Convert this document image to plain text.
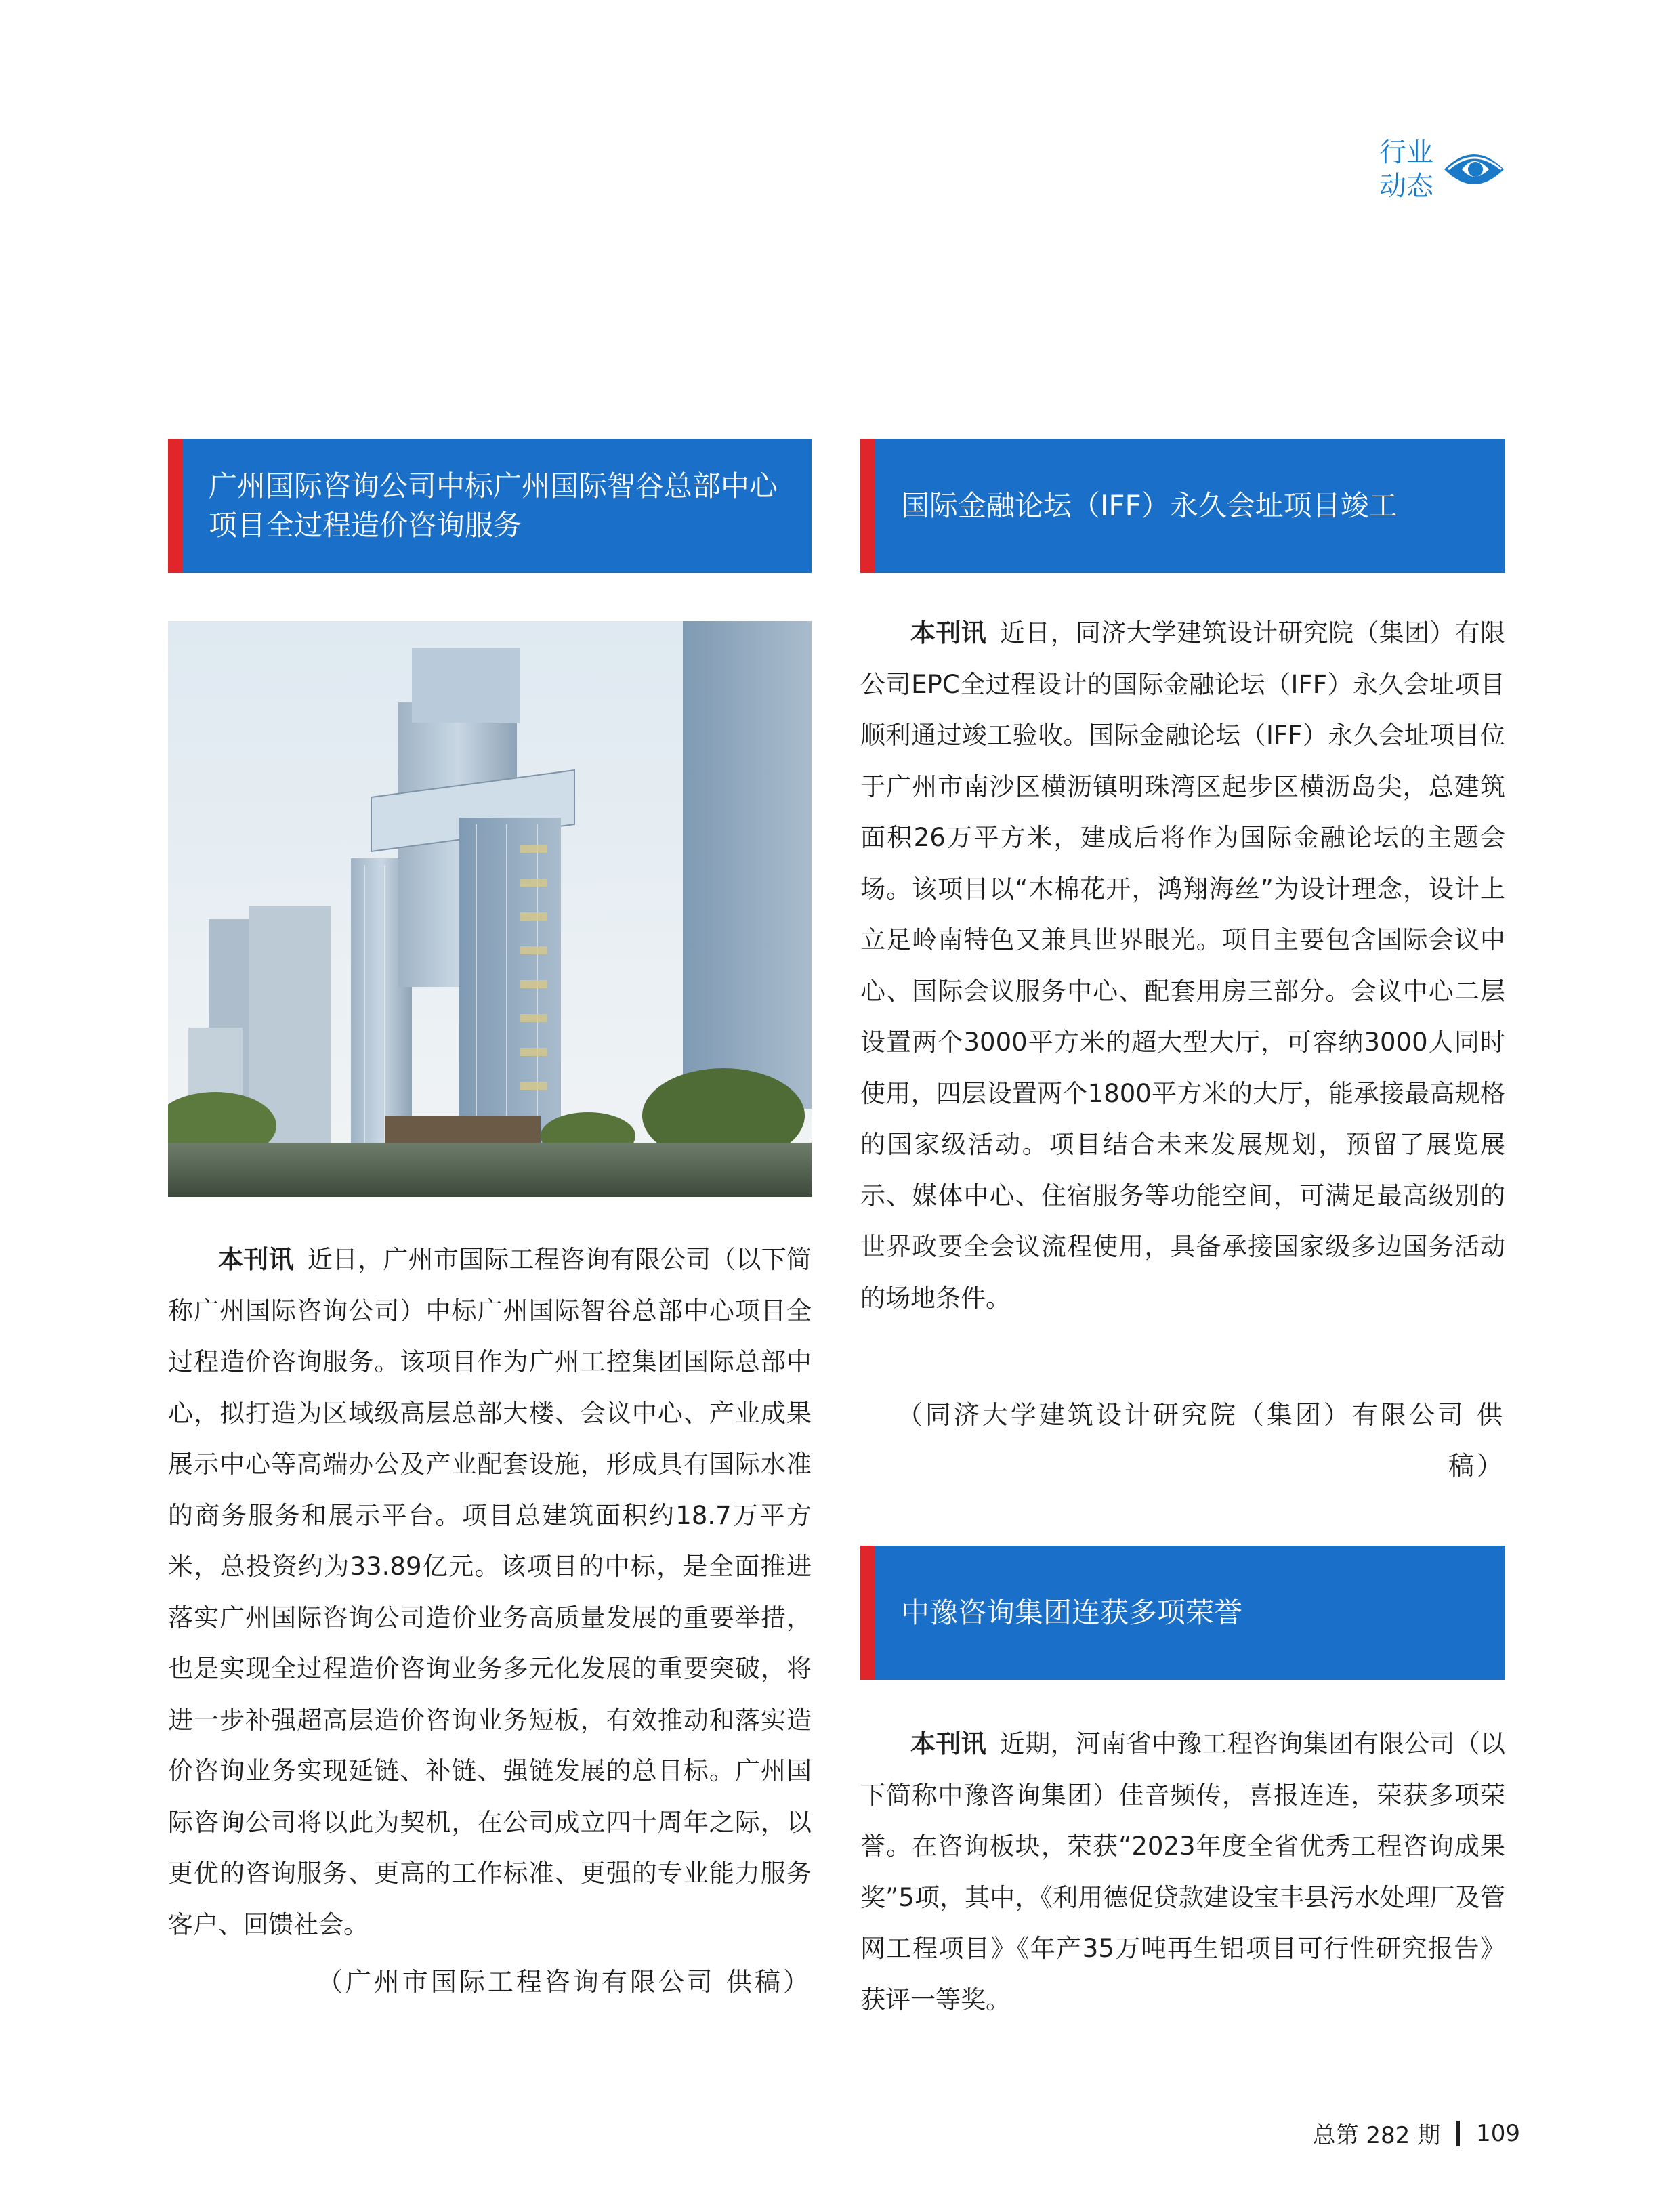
行业
动态
广州国际咨询公司中标广州国际智谷总部中心项目全过程造价咨询服务

本刊讯 近日，广州市国际工程咨询有限公司（以下简称广州国际咨询公司）中标广州国际智谷总部中心项目全过程造价咨询服务。该项目作为广州工控集团国际总部中心，拟打造为区域级高层总部大楼、会议中心、产业成果展示中心等高端办公及产业配套设施，形成具有国际水准的商务服务和展示平台。项目总建筑面积约18.7万平方米，总投资约为33.89亿元。该项目的中标，是全面推进落实广州国际咨询公司造价业务高质量发展的重要举措，也是实现全过程造价咨询业务多元化发展的重要突破，将进一步补强超高层造价咨询业务短板，有效推动和落实造价咨询业务实现延链、补链、强链发展的总目标。广州国际咨询公司将以此为契机，在公司成立四十周年之际，以更优的咨询服务、更高的工作标准、更强的专业能力服务客户、回馈社会。

（广州市国际工程咨询有限公司 供稿）
国际金融论坛（IFF）永久会址项目竣工

本刊讯 近日，同济大学建筑设计研究院（集团）有限公司EPC全过程设计的国际金融论坛（IFF）永久会址项目顺利通过竣工验收。国际金融论坛（IFF）永久会址项目位于广州市南沙区横沥镇明珠湾区起步区横沥岛尖，总建筑面积26万平方米，建成后将作为国际金融论坛的主题会场。该项目以“木棉花开，鸿翔海丝”为设计理念，设计上立足岭南特色又兼具世界眼光。项目主要包含国际会议中心、国际会议服务中心、配套用房三部分。会议中心二层设置两个3000平方米的超大型大厅，可容纳3000人同时使用，四层设置两个1800平方米的大厅，能承接最高规格的国家级活动。项目结合未来发展规划，预留了展览展示、媒体中心、住宿服务等功能空间，可满足最高级别的世界政要全会议流程使用，具备承接国家级多边国务活动的场地条件。

（同济大学建筑设计研究院（集团）有限公司 供稿）
中豫咨询集团连获多项荣誉

本刊讯 近期，河南省中豫工程咨询集团有限公司（以下简称中豫咨询集团）佳音频传，喜报连连，荣获多项荣誉。在咨询板块，荣获“2023年度全省优秀工程咨询成果奖”5项，其中，《利用德促贷款建设宝丰县污水处理厂及管网工程项目》《年产35万吨再生铝项目可行性研究报告》获评一等奖。

总第 282 期 109
